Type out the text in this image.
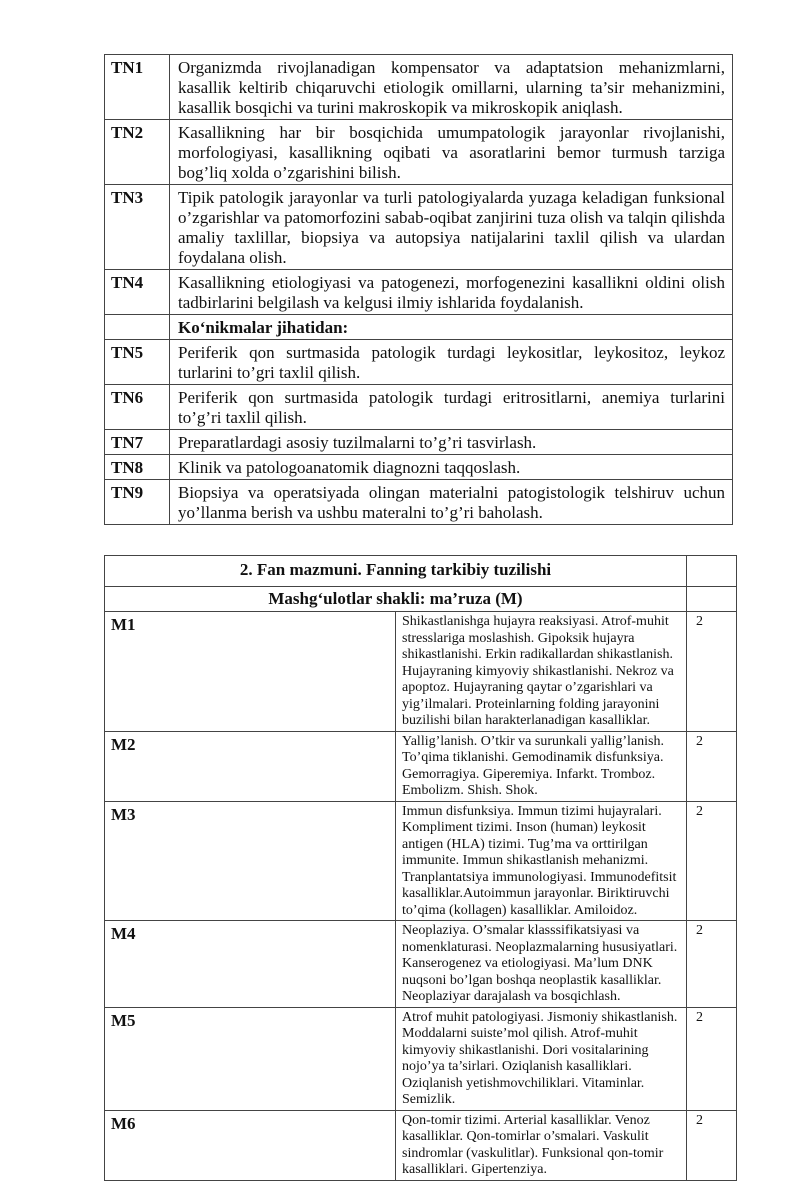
TN1	Organizmda rivojlanadigan kompensator va adaptatsion mehanizmlarni, kasallik keltirib chiqaruvchi etiologik omillarni, ularning ta’sir mehanizmini, kasallik bosqichi va turini makroskopik va mikroskopik aniqlash.
TN2	Kasallikning har bir bosqichida umumpatologik jarayonlar rivojlanishi, morfologiyasi, kasallikning oqibati va asoratlarini bemor turmush tarziga bog’liq xolda o’zgarishini bilish.
TN3	Tipik patologik jarayonlar va turli patologiyalarda yuzaga keladigan funksional o’zgarishlar va patomorfozini sabab-oqibat zanjirini tuza olish va talqin qilishda amaliy taxlillar, biopsiya va autopsiya natijalarini taxlil qilish va ulardan foydalana olish.
TN4	Kasallikning etiologiyasi va patogenezi, morfogenezini kasallikni oldini olish tadbirlarini belgilash va kelgusi ilmiy ishlarida foydalanish.
	Ko‘nikmalar jihatidan:
TN5	Periferik qon surtmasida patologik turdagi leykositlar, leykositoz, leykoz turlarini to’gri taxlil qilish.
TN6	Periferik qon surtmasida patologik turdagi eritrositlarni, anemiya turlarini to’g’ri taxlil qilish.
TN7	Preparatlardagi asosiy tuzilmalarni to’g’ri tasvirlash.
TN8	Klinik va patologoanatomik diagnozni taqqoslash.
TN9	Biopsiya va operatsiyada olingan materialni patogistologik telshiruv uchun yo’llanma berish va ushbu materalni to’g’ri baholash.
2. Fan mazmuni. Fanning tarkibiy tuzilishi		
Mashg‘ulotlar shakli: ma’ruza (M)		
M1	Shikastlanishga hujayra reaksiyasi. Atrof-muhit stresslariga moslashish. Gipoksik hujayra shikastlanishi. Erkin radikallardan shikastlanish. Hujayraning kimyoviy shikastlanishi. Nekroz va apoptoz. Hujayraning qaytar o’zgarishlari va yig’ilmalari. Proteinlarning folding jarayonini buzilishi bilan harakterlanadigan kasalliklar.	2
M2	Yallig’lanish. O’tkir va surunkali yallig’lanish. To’qima tiklanishi. Gemodinamik disfunksiya. Gemorragiya. Giperemiya. Infarkt. Tromboz. Embolizm. Shish. Shok.	2
M3	Immun disfunksiya. Immun tizimi hujayralari. Kompliment tizimi. Inson (human) leykosit antigen (HLA) tizimi. Tug’ma va orttirilgan immunite. Immun shikastlanish mehanizmi. Tranplantatsiya immunologiyasi. Immunodefitsit kasalliklar.Autoimmun jarayonlar. Biriktiruvchi to’qima (kollagen) kasalliklar. Amiloidoz.	2
M4	Neoplaziya. O’smalar klasssifikatsiyasi va nomenklaturasi. Neoplazmalarning hususiyatlari. Kanserogenez va etiologiyasi. Ma’lum DNK nuqsoni bo’lgan boshqa neoplastik kasalliklar. Neoplaziyar darajalash va bosqichlash.	2
M5	Atrof muhit patologiyasi. Jismoniy shikastlanish. Moddalarni suiste’mol qilish. Atrof-muhit kimyoviy shikastlanishi. Dori vositalarining nojo’ya ta’sirlari. Oziqlanish kasalliklari. Oziqlanish yetishmovchiliklari. Vitaminlar. Semizlik.	2
M6	Qon-tomir tizimi. Arterial kasalliklar. Venoz kasalliklar. Qon-tomirlar o’smalari. Vaskulit sindromlar (vaskulitlar). Funksional qon-tomir kasalliklari. Gipertenziya.	2
